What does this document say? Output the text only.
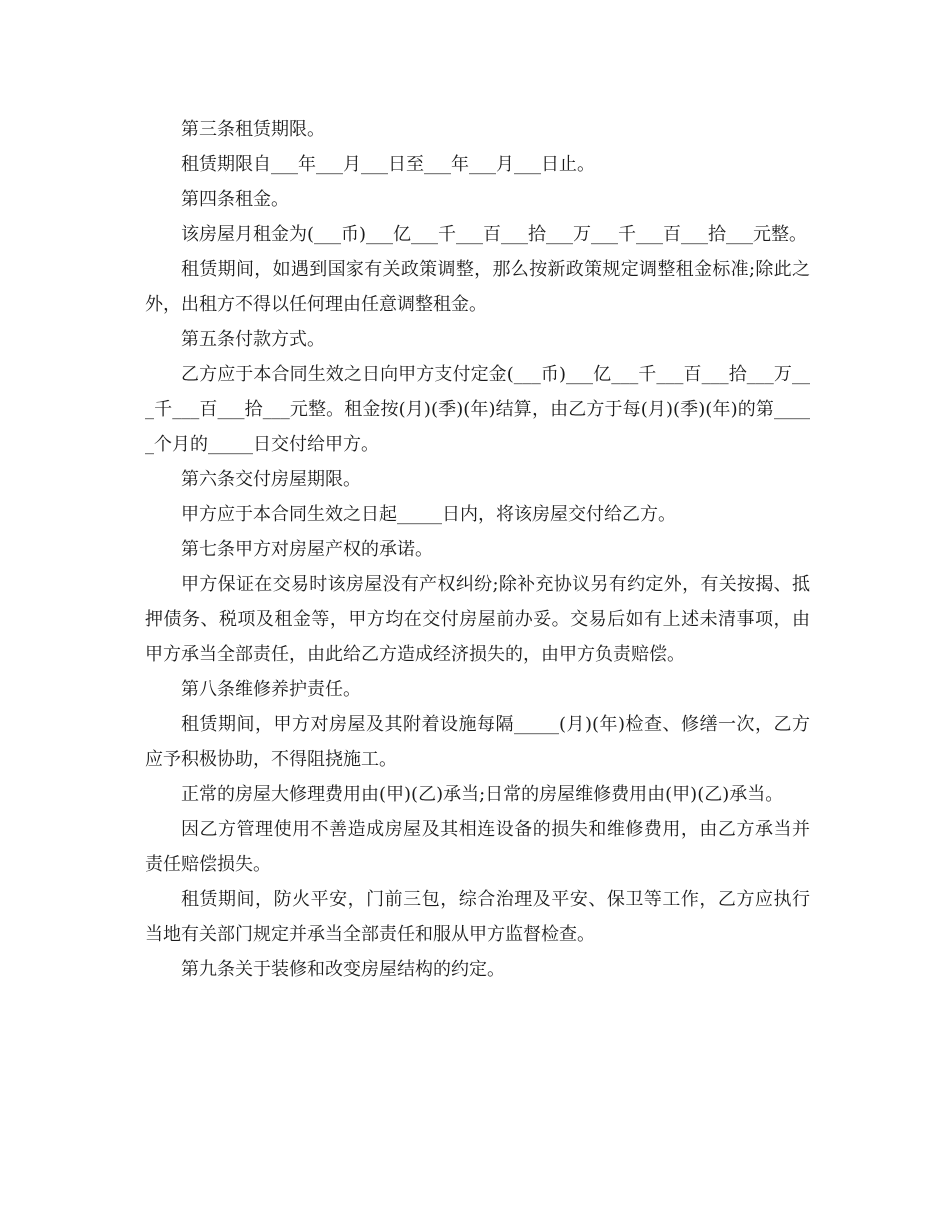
第三条租赁期限。

租赁期限自___年___月___日至___年___月___日止。

第四条租金。

该房屋月租金为(___币)___亿___千___百___拾___万___千___百___拾___元整。

租赁期间，如遇到国家有关政策调整，那么按新政策规定调整租金标准;除此之外，出租方不得以任何理由任意调整租金。

第五条付款方式。

乙方应于本合同生效之日向甲方支付定金(___币)___亿___千___百___拾___万___千___百___拾___元整。租金按(月)(季)(年)结算，由乙方于每(月)(季)(年)的第_____个月的_____日交付给甲方。

第六条交付房屋期限。

甲方应于本合同生效之日起_____日内，将该房屋交付给乙方。

第七条甲方对房屋产权的承诺。

甲方保证在交易时该房屋没有产权纠纷;除补充协议另有约定外，有关按揭、抵押债务、税项及租金等，甲方均在交付房屋前办妥。交易后如有上述未清事项，由甲方承当全部责任，由此给乙方造成经济损失的，由甲方负责赔偿。

第八条维修养护责任。

租赁期间，甲方对房屋及其附着设施每隔_____(月)(年)检查、修缮一次，乙方应予积极协助，不得阻挠施工。

正常的房屋大修理费用由(甲)(乙)承当;日常的房屋维修费用由(甲)(乙)承当。

因乙方管理使用不善造成房屋及其相连设备的损失和维修费用，由乙方承当并责任赔偿损失。

租赁期间，防火平安，门前三包，综合治理及平安、保卫等工作，乙方应执行当地有关部门规定并承当全部责任和服从甲方监督检查。

第九条关于装修和改变房屋结构的约定。
